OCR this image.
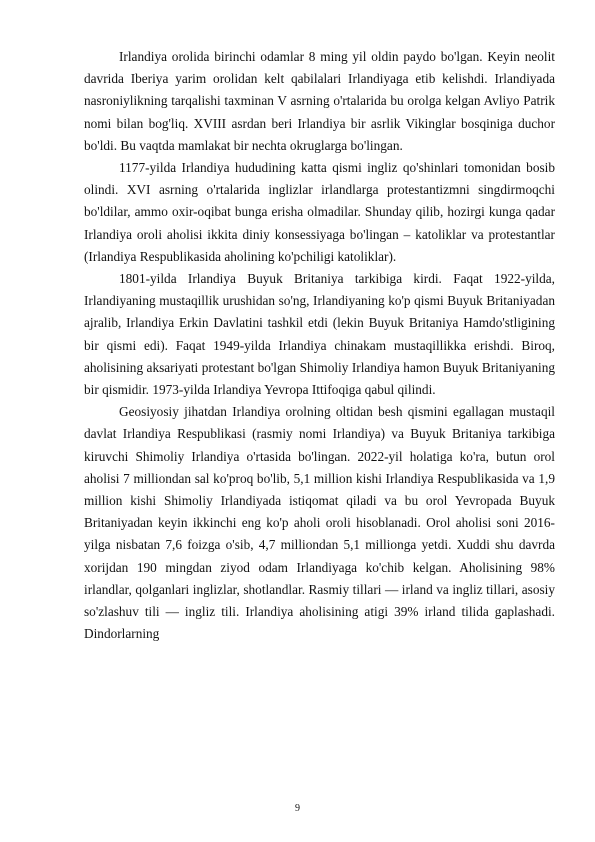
Irlandiya orolida birinchi odamlar 8 ming yil oldin paydo bo'lgan. Keyin neolit davrida Iberiya yarim orolidan kelt qabilalari Irlandiyaga etib kelishdi. Irlandiyada nasroniylikning tarqalishi taxminan V asrning o'rtalarida bu orolga kelgan Avliyo Patrik nomi bilan bog'liq. XVIII asrdan beri Irlandiya bir asrlik Vikinglar bosqiniga duchor bo'ldi. Bu vaqtda mamlakat bir nechta okruglarga bo'lingan.

1177-yilda Irlandiya hududining katta qismi ingliz qo'shinlari tomonidan bosib olindi. XVI asrning o'rtalarida inglizlar irlandlarga protestantizmni singdirmoqchi bo'ldilar, ammo oxir-oqibat bunga erisha olmadilar. Shunday qilib, hozirgi kunga qadar Irlandiya oroli aholisi ikkita diniy konsessiyaga bo'lingan – katoliklar va protestantlar (Irlandiya Respublikasida aholining ko'pchiligi katoliklar).

1801-yilda Irlandiya Buyuk Britaniya tarkibiga kirdi. Faqat 1922-yilda, Irlandiyaning mustaqillik urushidan so'ng, Irlandiyaning ko'p qismi Buyuk Britaniyadan ajralib, Irlandiya Erkin Davlatini tashkil etdi (lekin Buyuk Britaniya Hamdo'stligining bir qismi edi). Faqat 1949-yilda Irlandiya chinakam mustaqillikka erishdi. Biroq, aholisining aksariyati protestant bo'lgan Shimoliy Irlandiya hamon Buyuk Britaniyaning bir qismidir. 1973-yilda Irlandiya Yevropa Ittifoqiga qabul qilindi.

Geosiyosiy jihatdan Irlandiya orolning oltidan besh qismini egallagan mustaqil davlat Irlandiya Respublikasi (rasmiy nomi Irlandiya) va Buyuk Britaniya tarkibiga kiruvchi Shimoliy Irlandiya o'rtasida bo'lingan. 2022-yil holatiga ko'ra, butun orol aholisi 7 milliondan sal ko'proq bo'lib, 5,1 million kishi Irlandiya Respublikasida va 1,9 million kishi Shimoliy Irlandiyada istiqomat qiladi va bu orol Yevropada Buyuk Britaniyadan keyin ikkinchi eng ko'p aholi oroli hisoblanadi. Orol aholisi soni 2016-yilga nisbatan 7,6 foizga o'sib, 4,7 milliondan 5,1 millionga yetdi. Xuddi shu davrda xorijdan 190 mingdan ziyod odam Irlandiyaga ko'chib kelgan. Aholisining 98% irlandlar, qolganlari inglizlar, shotlandlar. Rasmiy tillari — irland va ingliz tillari, asosiy so'zlashuv tili — ingliz tili. Irlandiya aholisining atigi 39% irland tilida gaplashadi. Dindorlarning

9
